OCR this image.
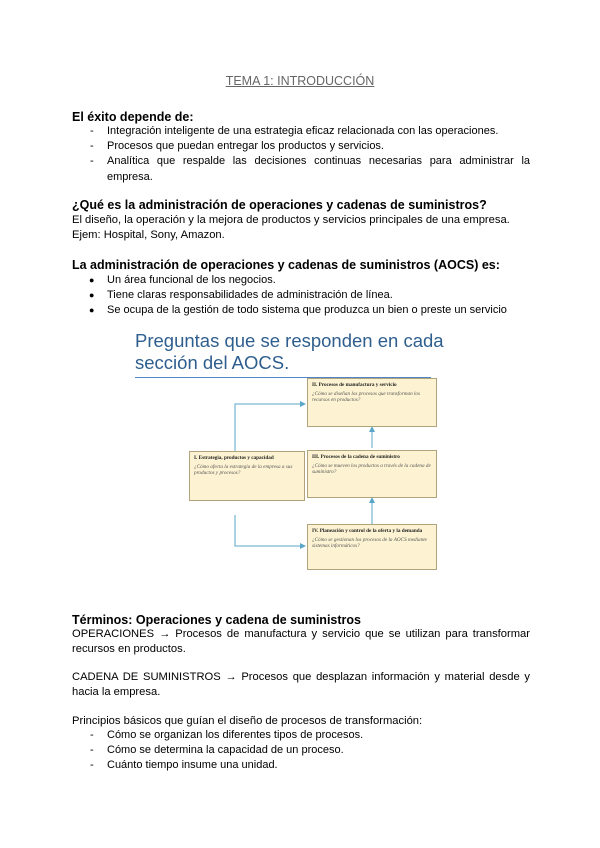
TEMA 1: INTRODUCCIÓN
El éxito depende de:
- Integración inteligente de una estrategia eficaz relacionada con las operaciones.
- Procesos que puedan entregar los productos y servicios.
- Analítica que respalde las decisiones continuas necesarias para administrar la empresa.
¿Qué es la administración de operaciones y cadenas de suministros?
El diseño, la operación y la mejora de productos y servicios principales de una empresa.
Ejem: Hospital, Sony, Amazon.
La administración de operaciones y cadenas de suministros (AOCS) es:
● Un área funcional de los negocios.
● Tiene claras responsabilidades de administración de línea.
● Se ocupa de la gestión de todo sistema que produzca un bien o preste un servicio
Preguntas que se responden en cada
sección del AOCS.
II. Procesos de manufactura y servicio
¿Cómo se diseñan los procesos que transforman los recursos en productos?
I. Estrategia, productos y capacidad
¿Cómo afecta la estrategia de la empresa a sus productos y procesos?
III. Procesos de la cadena de suministro
¿Cómo se mueven los productos a través de la cadena de suministro?
IV. Planeación y control de la oferta y la demanda
¿Cómo se gestionan los procesos de la AOCS mediante sistemas informáticos?
Términos: Operaciones y cadena de suministros
OPERACIONES → Procesos de manufactura y servicio que se utilizan para transformar recursos en productos.
CADENA DE SUMINISTROS → Procesos que desplazan información y material desde y hacia la empresa.
Principios básicos que guían el diseño de procesos de transformación:
- Cómo se organizan los diferentes tipos de procesos.
- Cómo se determina la capacidad de un proceso.
- Cuánto tiempo insume una unidad.
